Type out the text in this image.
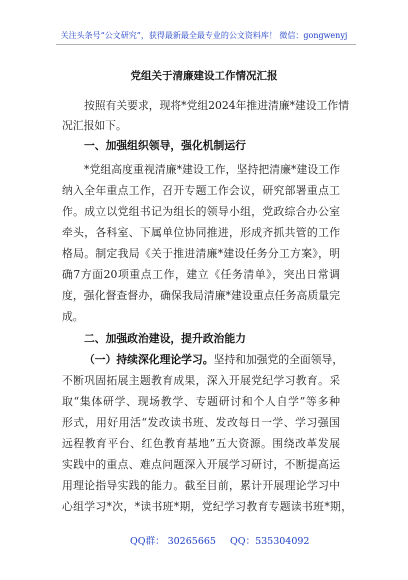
关注头条号“公文研究”，获得最新最全最专业的公文资料库！ 微信：gongwenyj
党组关于清廉建设工作情况汇报
按照有关要求，现将*党组2024年推进清廉*建设工作情
况汇报如下。
一、加强组织领导，强化机制运行
*党组高度重视清廉*建设工作，坚持把清廉*建设工作
纳入全年重点工作，召开专题工作会议，研究部署重点工
作。成立以党组书记为组长的领导小组，党政综合办公室
牵头，各科室、下属单位协同推进，形成齐抓共管的工作
格局。制定我局《关于推进清廉*建设任务分工方案》，明
确7方面20项重点工作，建立《任务清单》，突出日常调
度，强化督查督办，确保我局清廉*建设重点任务高质量完
成。
二、加强政治建设，提升政治能力
（一）持续深化理论学习。坚持和加强党的全面领导，
不断巩固拓展主题教育成果，深入开展党纪学习教育。采
取“集体研学、现场教学、专题研讨和个人自学”等多种
形式，用好用活“发改读书班、发改每日一学、学习强国
远程教育平台、红色教育基地”五大资源。围绕改革发展
实践中的重点、难点问题深入开展学习研讨，不断提高运
用理论指导实践的能力。截至目前，累计开展理论学习中
心组学习*次，*读书班*期，党纪学习教育专题读书班*期，
QQ群： 30265665 QQ：535304092
